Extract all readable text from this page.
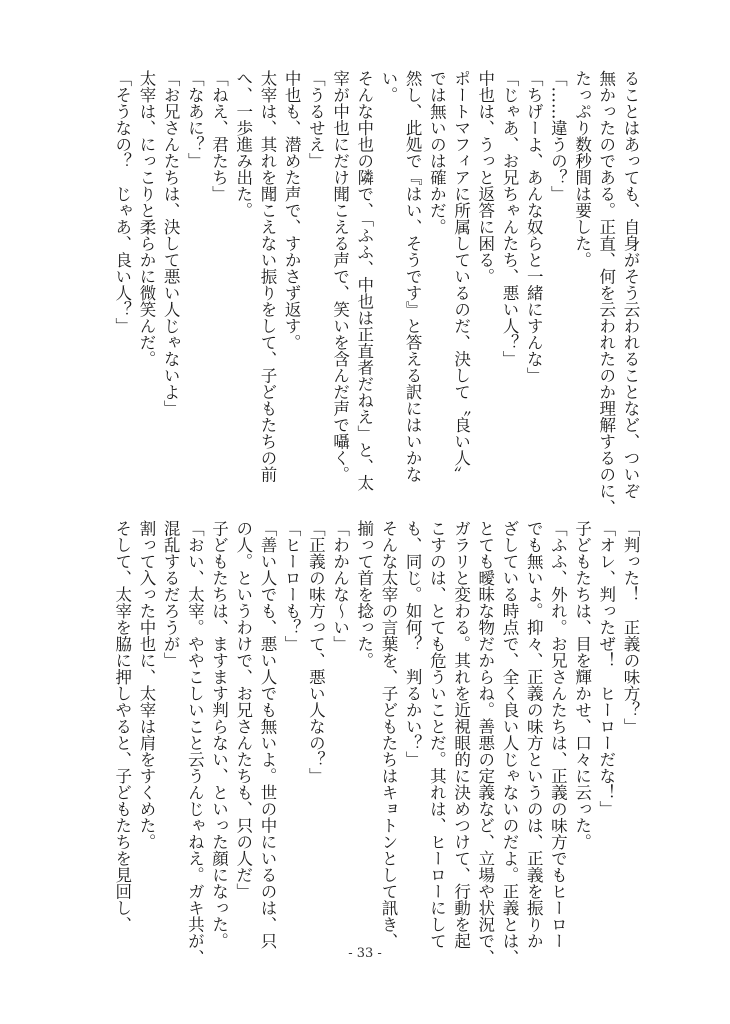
ることはあっても、自身がそう云われることなど、ついぞ
無かったのである。正直、何を云われたのか理解するのに、
たっぷり数秒間は要した。
「……違うの？」
「ちげーよ、あんな奴らと一緒にすんな」
「じゃあ、お兄ちゃんたち、悪い人？」
中也は、うっと返答に困る。
ポートマフィアに所属しているのだ、決して〝良い人〟
では無いのは確かだ。
然し、此処で『はい、そうです』と答える訳にはいかな
い。
そんな中也の隣で、「ふふ、中也は正直者だねえ」と、太
宰が中也にだけ聞こえる声で、笑いを含んだ声で囁く。
「うるせえ」
中也も、潜めた声で、すかさず返す。
太宰は、其れを聞こえない振りをして、子どもたちの前
へ、一歩進み出た。
「ねえ、君たち」
「なあに？」
「お兄さんたちは、決して悪い人じゃないよ」
太宰は、にっこりと柔らかに微笑んだ。
「そうなの？　じゃあ、良い人？」
「判った！　正義の味方？」
「オレ、判ったぜ！　ヒーローだな！」
子どもたちは、目を輝かせ、口々に云った。
「ふふ、外れ。お兄さんたちは、正義の味方でもヒーロー
でも無いよ。抑々、正義の味方というのは、正義を振りか
ざしている時点で、全く良い人じゃないのだよ。正義とは、
とても曖昧な物だからね。善悪の定義など、立場や状況で、
ガラリと変わる。其れを近視眼的に決めつけて、行動を起
こすのは、とても危ういことだ。其れは、ヒーローにして
も、同じ。如何？　判るかい？」
そんな太宰の言葉を、子どもたちはキョトンとして訊き、
揃って首を捻った。
「わかんな～い」
「正義の味方って、悪い人なの？」
「ヒーローも？」
「善い人でも、悪い人でも無いよ。世の中にいるのは、只
の人。というわけで、お兄さんたちも、只の人だ」
子どもたちは、ますます判らない、といった顔になった。
「おい、太宰。ややこしいこと云うんじゃねえ。ガキ共が、
混乱するだろうが」
割って入った中也に、太宰は肩をすくめた。
そして、太宰を脇に押しやると、子どもたちを見回し、
- 33 -
